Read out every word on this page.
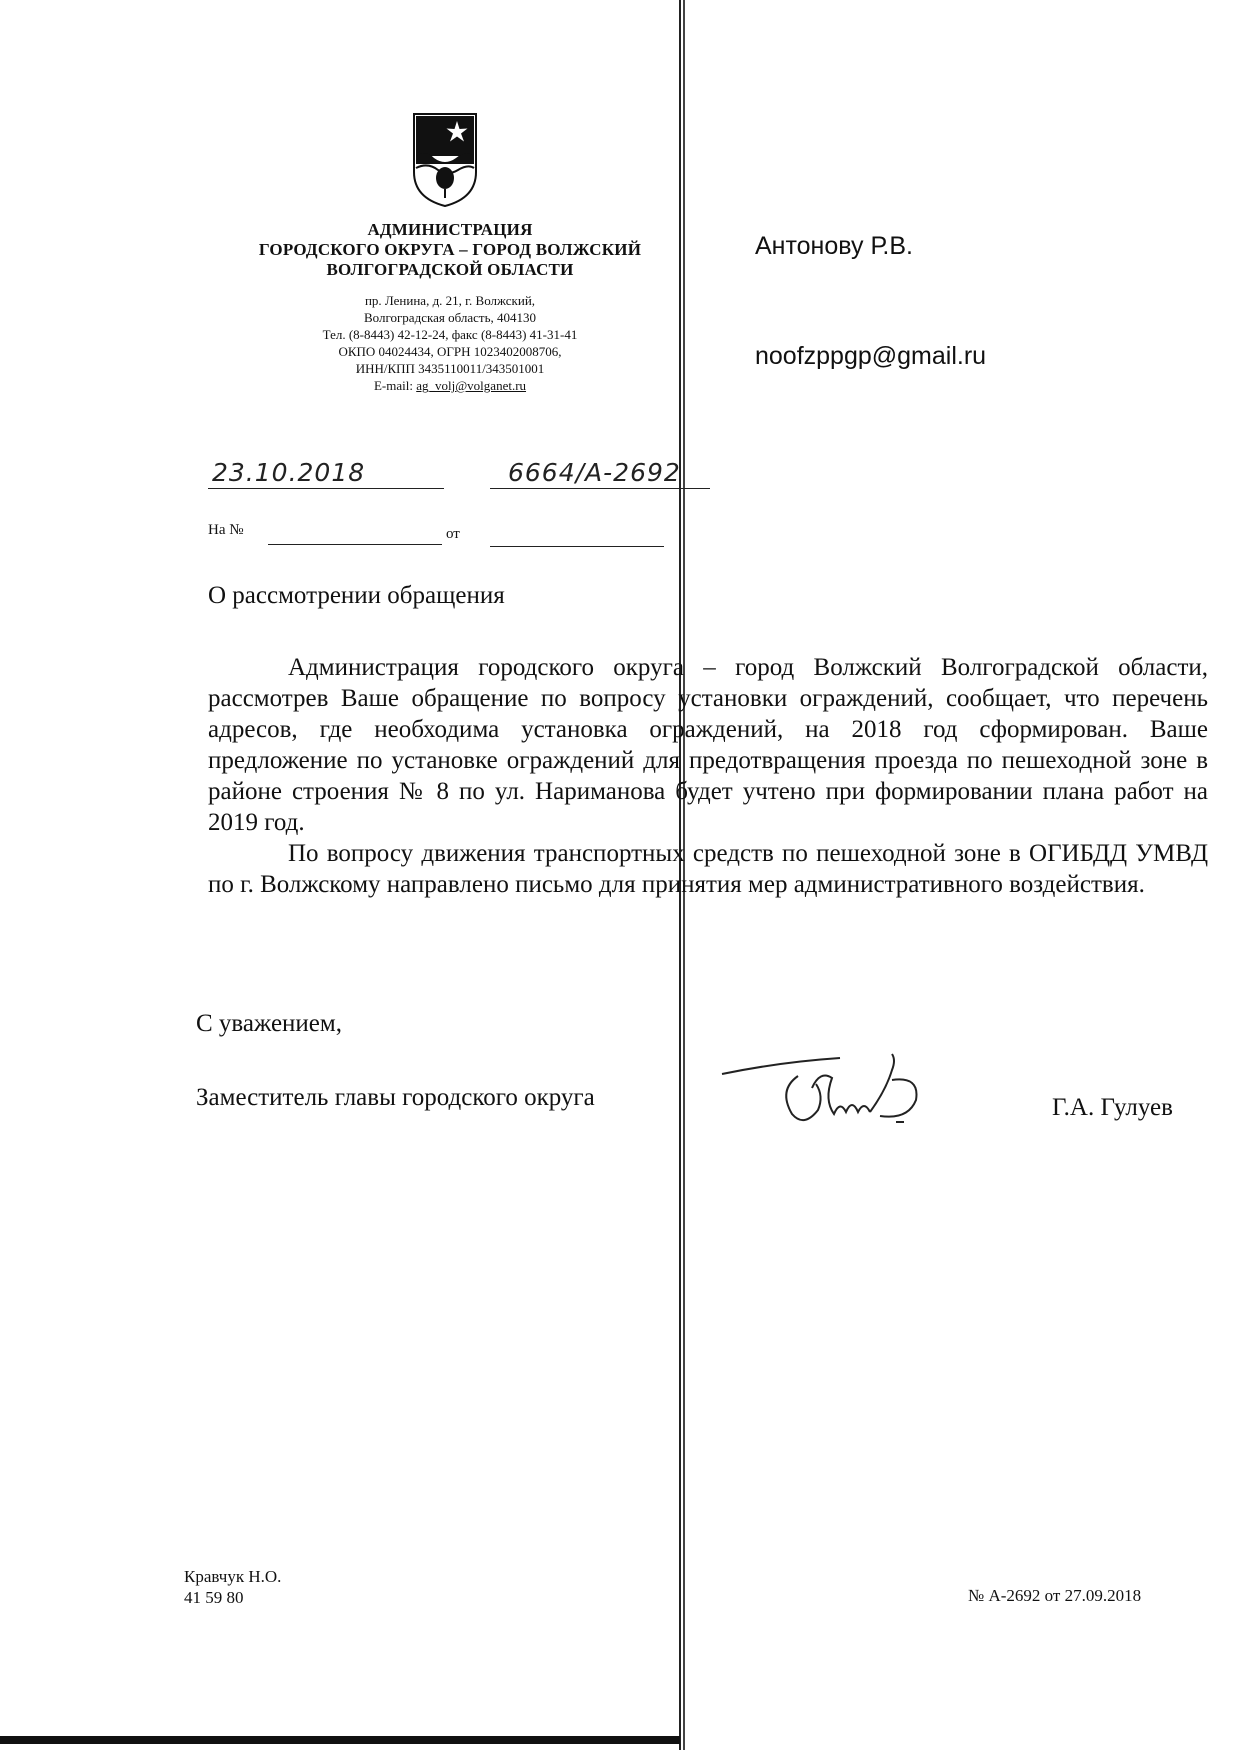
АДМИНИСТРАЦИЯ
ГОРОДСКОГО ОКРУГА – ГОРОД ВОЛЖСКИЙ
ВОЛГОГРАДСКОЙ ОБЛАСТИ
пр. Ленина, д. 21, г. Волжский,
Волгоградская область, 404130
Тел. (8-8443) 42-12-24, факс (8-8443) 41-31-41
ОКПО 04024434, ОГРН 1023402008706,
ИНН/КПП 3435110011/343501001
E-mail: ag_volj@volganet.ru
Антонову Р.В.
noofzppgp@gmail.ru
23.10.2018	6664/А-2692
На №	от
О рассмотрении обращения

Администрация городского округа – город Волжский Волгоградской области, рассмотрев Ваше обращение по вопросу установки ограждений, сообщает, что перечень адресов, где необходима установка ограждений, на 2018 год сформирован. Ваше предложение по установке ограждений для предотвращения проезда по пешеходной зоне в районе строения № 8 по ул. Нариманова будет учтено при формировании плана работ на 2019 год.

По вопросу движения транспортных средств по пешеходной зоне в ОГИБДД УМВД по г. Волжскому направлено письмо для принятия мер административного воздействия.

С уважением,
Заместитель главы городского округа	Г.А. Гулуев
Кравчук Н.О.
41 59 80	№ А-2692 от 27.09.2018
